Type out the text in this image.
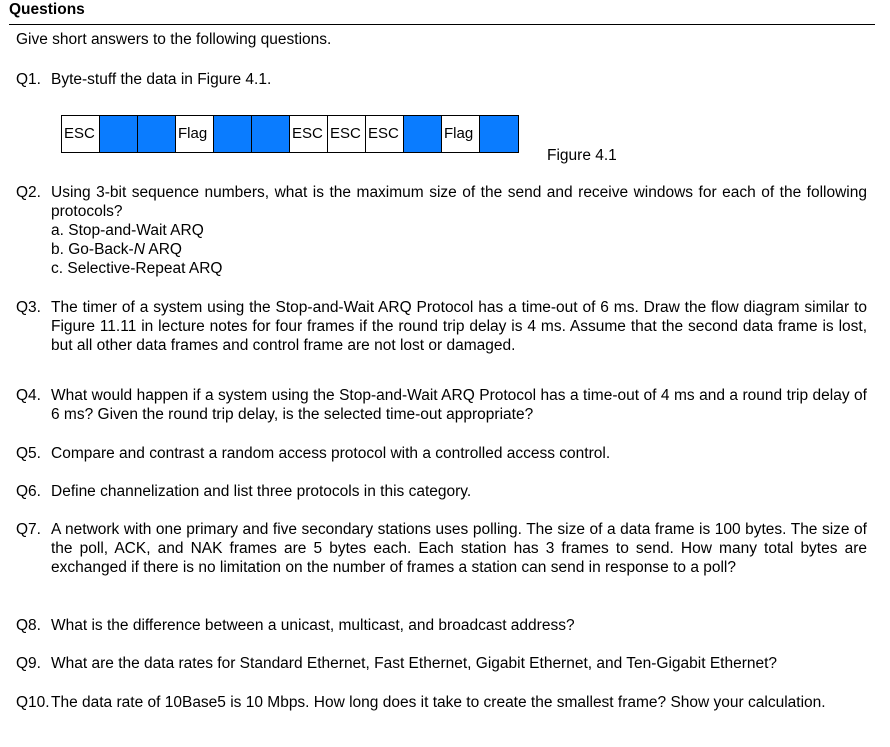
Questions
Give short answers to the following questions.
Q1. Byte-stuff the data in Figure 4.1.
ESC	Flag	ESC ESC ESC	Flag
Figure 4.1
Q2. Using 3-bit sequence numbers, what is the maximum size of the send and receive windows for each of the following protocols?
a. Stop-and-Wait ARQ
b. Go-Back-N ARQ
c. Selective-Repeat ARQ
Q3. The timer of a system using the Stop-and-Wait ARQ Protocol has a time-out of 6 ms. Draw the flow diagram similar to Figure 11.11 in lecture notes for four frames if the round trip delay is 4 ms. Assume that the second data frame is lost, but all other data frames and control frame are not lost or damaged.
Q4. What would happen if a system using the Stop-and-Wait ARQ Protocol has a time-out of 4 ms and a round trip delay of 6 ms? Given the round trip delay, is the selected time-out appropriate?
Q5. Compare and contrast a random access protocol with a controlled access control.
Q6. Define channelization and list three protocols in this category.
Q7. A network with one primary and five secondary stations uses polling. The size of a data frame is 100 bytes. The size of the poll, ACK, and NAK frames are 5 bytes each. Each station has 3 frames to send. How many total bytes are exchanged if there is no limitation on the number of frames a station can send in response to a poll?
Q8. What is the difference between a unicast, multicast, and broadcast address?
Q9. What are the data rates for Standard Ethernet, Fast Ethernet, Gigabit Ethernet, and Ten-Gigabit Ethernet?
Q10. The data rate of 10Base5 is 10 Mbps. How long does it take to create the smallest frame? Show your calculation.
